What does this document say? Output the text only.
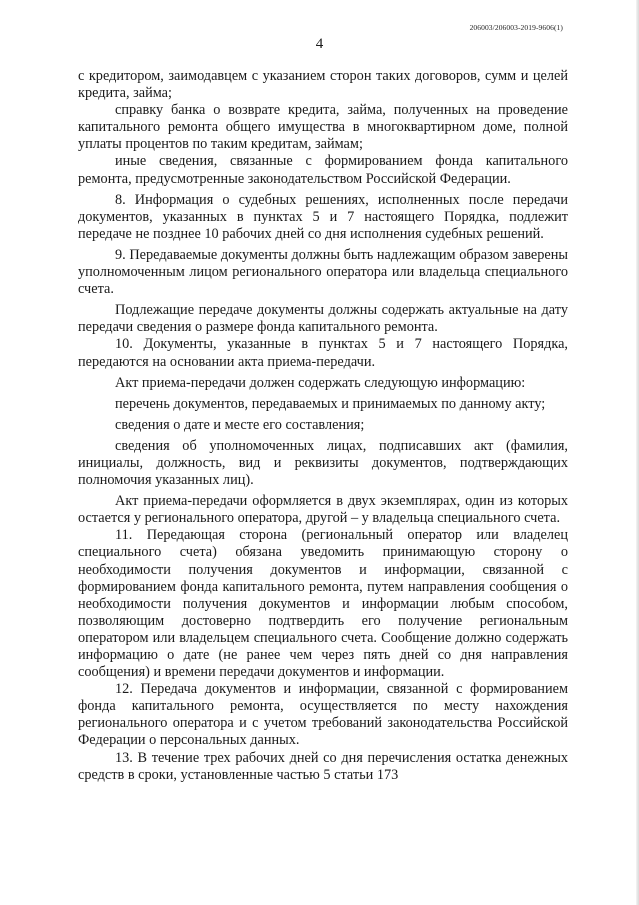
206003/206003-2019-9606(1)
4

с кредитором, заимодавцем с указанием сторон таких договоров, сумм и целей кредита, займа;

справку банка о возврате кредита, займа, полученных на проведение капитального ремонта общего имущества в многоквартирном доме, полной уплаты процентов по таким кредитам, займам;

иные сведения, связанные с формированием фонда капитального ремонта, предусмотренные законодательством Российской Федерации.

8. Информация о судебных решениях, исполненных после передачи документов, указанных в пунктах 5 и 7 настоящего Порядка, подлежит передаче не позднее 10 рабочих дней со дня исполнения судебных решений.

9. Передаваемые документы должны быть надлежащим образом заверены уполномоченным лицом регионального оператора или владельца специального счета.

Подлежащие передаче документы должны содержать актуальные на дату передачи сведения о размере фонда капитального ремонта.

10. Документы, указанные в пунктах 5 и 7 настоящего Порядка, передаются на основании акта приема-передачи.

Акт приема-передачи должен содержать следующую информацию:

перечень документов, передаваемых и принимаемых по данному акту;

сведения о дате и месте его составления;

сведения об уполномоченных лицах, подписавших акт (фамилия, инициалы, должность, вид и реквизиты документов, подтверждающих полномочия указанных лиц).

Акт приема-передачи оформляется в двух экземплярах, один из которых остается у регионального оператора, другой – у владельца специального счета.

11. Передающая сторона (региональный оператор или владелец специального счета) обязана уведомить принимающую сторону о необходимости получения документов и информации, связанной с формированием фонда капитального ремонта, путем направления сообщения о необходимости получения документов и информации любым способом, позволяющим достоверно подтвердить его получение региональным оператором или владельцем специального счета. Сообщение должно содержать информацию о дате (не ранее чем через пять дней со дня направления сообщения) и времени передачи документов и информации.

12. Передача документов и информации, связанной с формированием фонда капитального ремонта, осуществляется по месту нахождения регионального оператора и с учетом требований законодательства Российской Федерации о персональных данных.

13. В течение трех рабочих дней со дня перечисления остатка денежных средств в сроки, установленные частью 5 статьи 173
